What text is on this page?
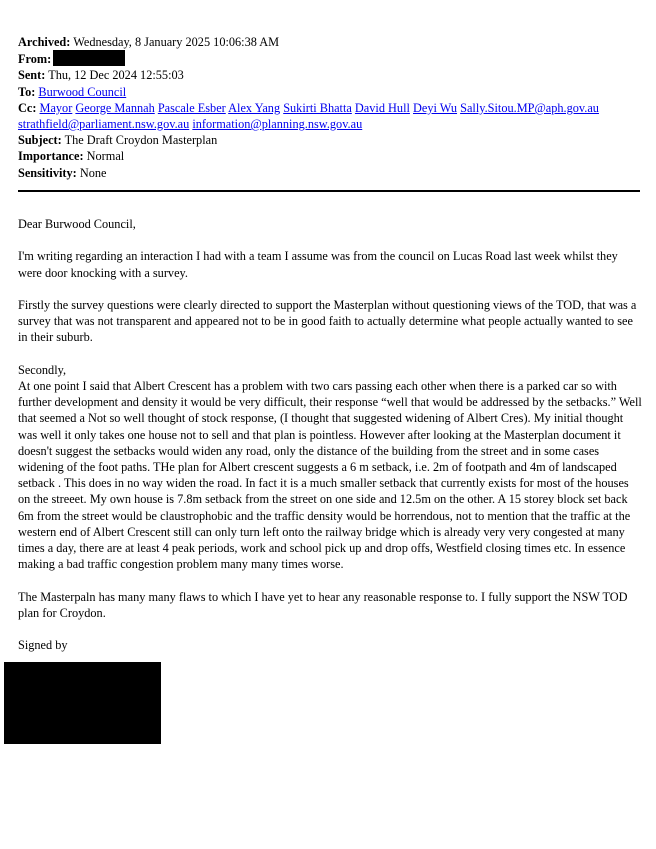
Archived: Wednesday, 8 January 2025 10:06:38 AM
From:
Sent: Thu, 12 Dec 2024 12:55:03
To: Burwood Council
Cc: Mayor George Mannah Pascale Esber Alex Yang Sukirti Bhatta David Hull Deyi Wu Sally.Sitou.MP@aph.gov.au
strathfield@parliament.nsw.gov.au information@planning.nsw.gov.au
Subject: The Draft Croydon Masterplan
Importance: Normal
Sensitivity: None

Dear Burwood Council,

I'm writing regarding an interaction I had with a team I assume was from the council on Lucas Road last week whilst they were door knocking with a survey.

Firstly the survey questions were clearly directed to support the Masterplan without questioning views of the TOD, that was a survey that was not transparent and appeared not to be in good faith to actually determine what people actually wanted to see in their suburb.

Secondly,

At one point I said that Albert Crescent has a problem with two cars passing each other when there is a parked car so with further development and density it would be very difficult, their response “well that would be addressed by the setbacks.” Well that seemed a Not so well thought of stock response, (I thought that suggested widening of Albert Cres). My initial thought was well it only takes one house not to sell and that plan is pointless. However after looking at the Masterplan document it doesn't suggest the setbacks would widen any road, only the distance of the building from the street and in some cases widening of the foot paths. THe plan for Albert crescent suggests a 6 m setback, i.e. 2m of footpath and 4m of landscaped setback . This does in no way widen the road. In fact it is a much smaller setback that currently exists for most of the houses on the streeet. My own house is 7.8m setback from the street on one side and 12.5m on the other. A 15 storey block set back 6m from the street would be claustrophobic and the traffic density would be horrendous, not to mention that the traffic at the western end of Albert Crescent still can only turn left onto the railway bridge which is already very very congested at many times a day, there are at least 4 peak periods, work and school pick up and drop offs, Westfield closing times etc. In essence making a bad traffic congestion problem many many times worse.

The Masterpaln has many many flaws to which I have yet to hear any reasonable response to. I fully support the NSW TOD plan for Croydon.

Signed by
